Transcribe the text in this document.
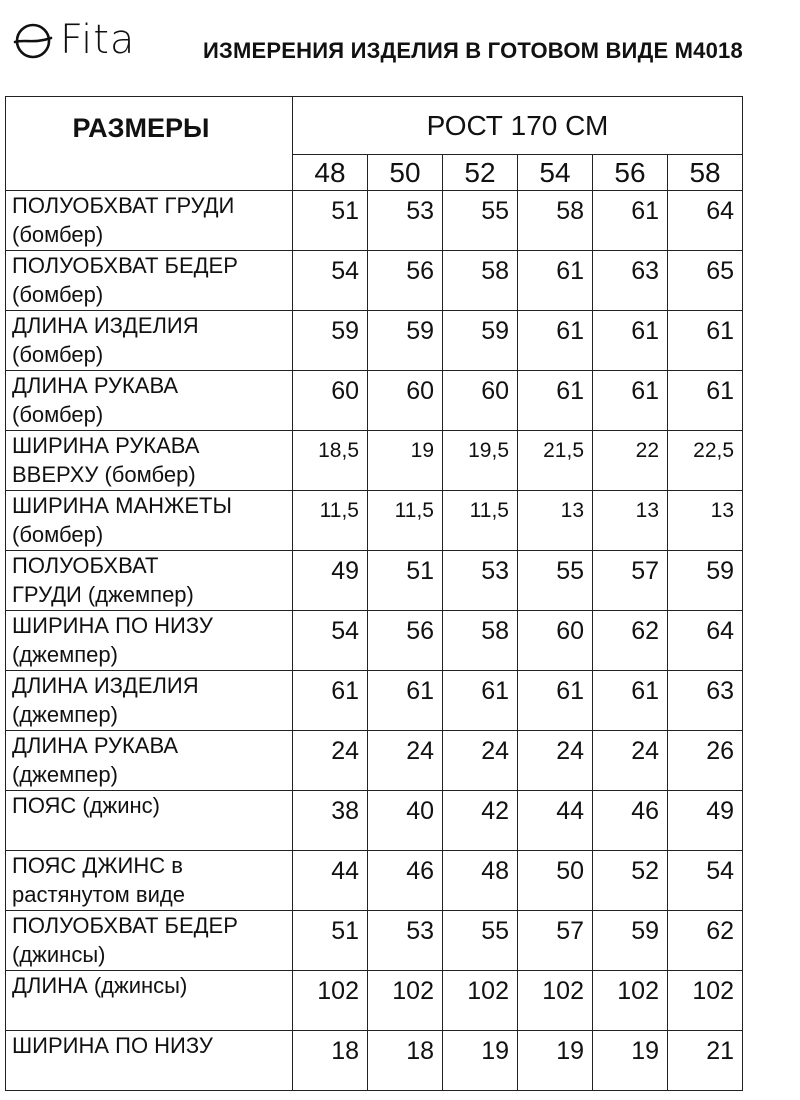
Fita	ИЗМЕРЕНИЯ ИЗДЕЛИЯ В ГОТОВОМ ВИДЕ М4018
РАЗМЕРЫ	РОСТ 170 СМ					
	48	50	52	54	56	58

ПОЛУОБХВАТ ГРУДИ
(бомбер)	51	53	55	58	61	64

ПОЛУОБХВАТ БЕДЕР
(бомбер)	54	56	58	61	63	65

ДЛИНА ИЗДЕЛИЯ
(бомбер)	59	59	59	61	61	61

ДЛИНА РУКАВА
(бомбер)	60	60	60	61	61	61

ШИРИНА РУКАВА
ВВЕРХУ (бомбер)	18,5	19	19,5	21,5	22	22,5

ШИРИНА МАНЖЕТЫ
(бомбер)	11,5	11,5	11,5	13	13	13

ПОЛУОБХВАТ
ГРУДИ (джемпер)	49	51	53	55	57	59

ШИРИНА ПО НИЗУ
(джемпер)	54	56	58	60	62	64

ДЛИНА ИЗДЕЛИЯ
(джемпер)	61	61	61	61	61	63

ДЛИНА РУКАВА
(джемпер)	24	24	24	24	24	26

ПОЯС (джинс)	38	40	42	44	46	49

ПОЯС ДЖИНС в
растянутом виде	44	46	48	50	52	54

ПОЛУОБХВАТ БЕДЕР
(джинсы)	51	53	55	57	59	62

ДЛИНА (джинсы)	102	102	102	102	102	102

ШИРИНА ПО НИЗУ	18	18	19	19	19	21
